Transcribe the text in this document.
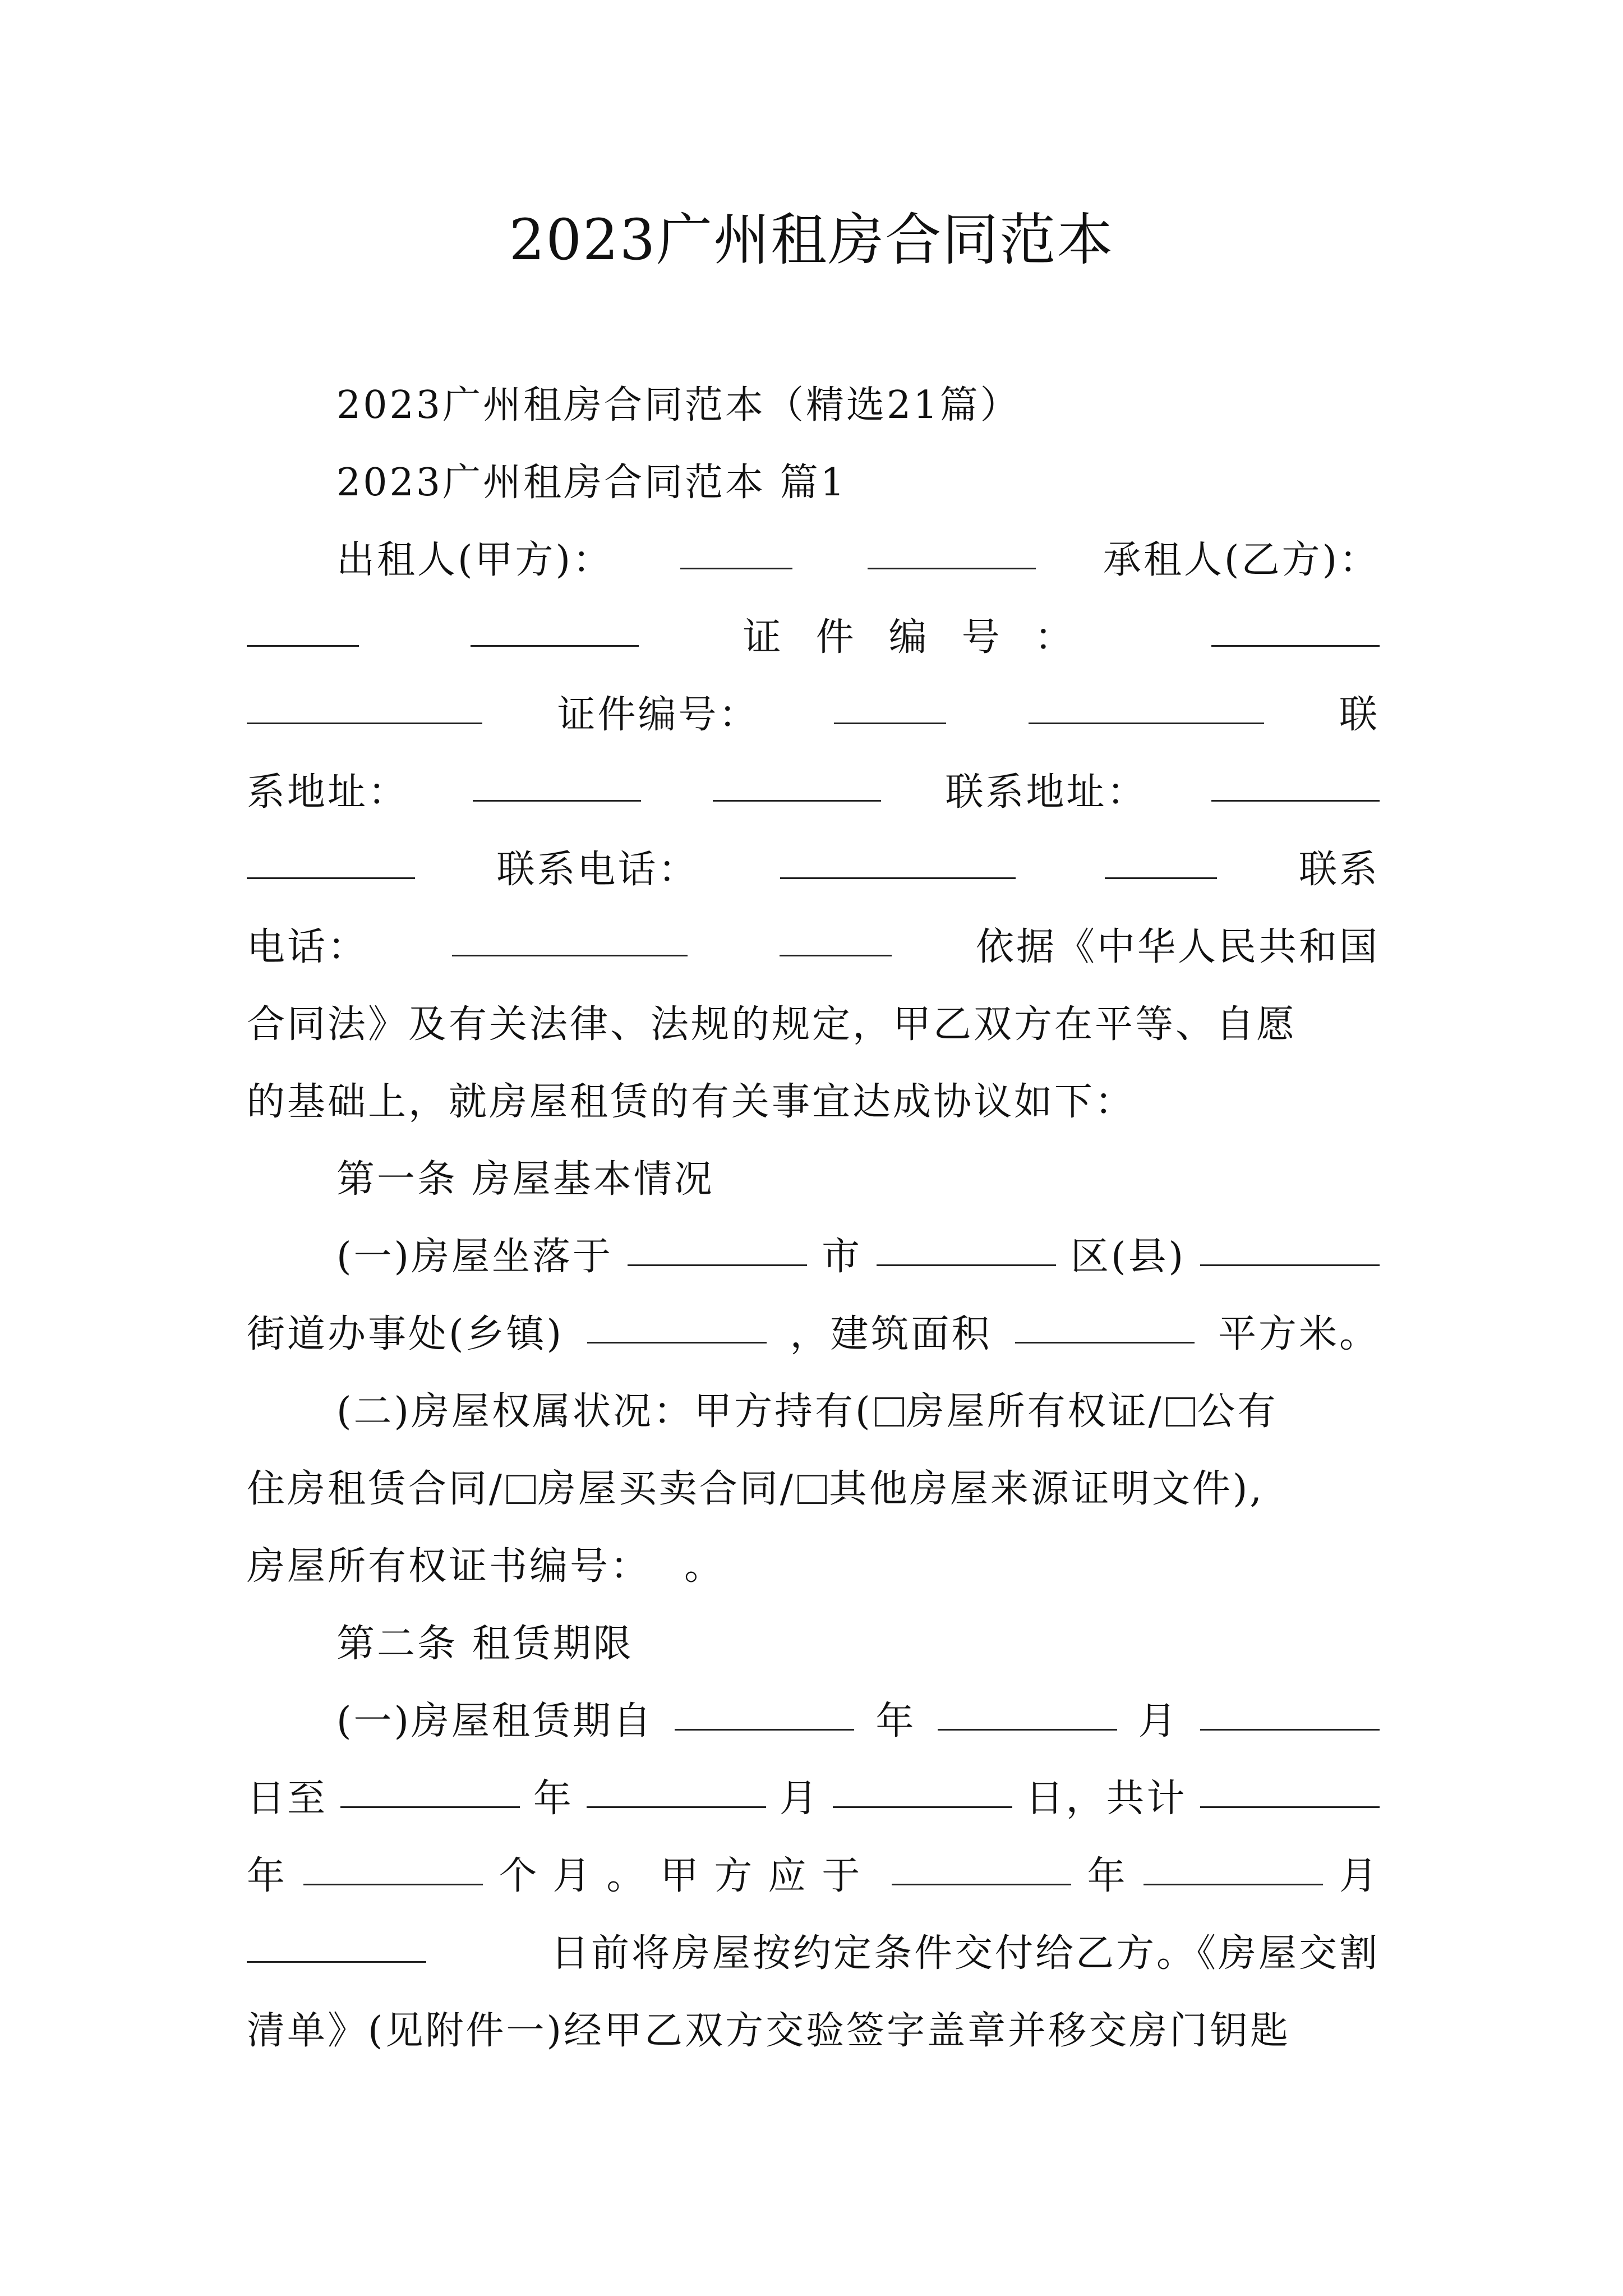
2023广州租房合同范本
2023广州租房合同范本（精选21篇）
2023广州租房合同范本 篇1
出租人(甲方)：	承租人(乙方)：
证件编号：
证件编号：	联
系地址：	联系地址：
联系电话：	联系
电话：	依据《中华人民共和国
合同法》及有关法律、法规的规定，甲乙双方在平等、自愿
的基础上，就房屋租赁的有关事宜达成协议如下：
第一条 房屋基本情况
(一)房屋坐落于	市	区(县)
街道办事处(乡镇)	，建筑面积	平方米。
(二)房屋权属状况：甲方持有( 房屋所有权证/ 公有
住房租赁合同/ 房屋买卖合同/ 其他房屋来源证明文件),
房屋所有权证书编号： 。
第二条 租赁期限
(一)房屋租赁期自	年	月
日至	年	月	日，共计
年	个月。甲方应于	年	月
日前将房屋按约定条件交付给乙方。《房屋交割
清单》(见附件一)经甲乙双方交验签字盖章并移交房门钥匙
